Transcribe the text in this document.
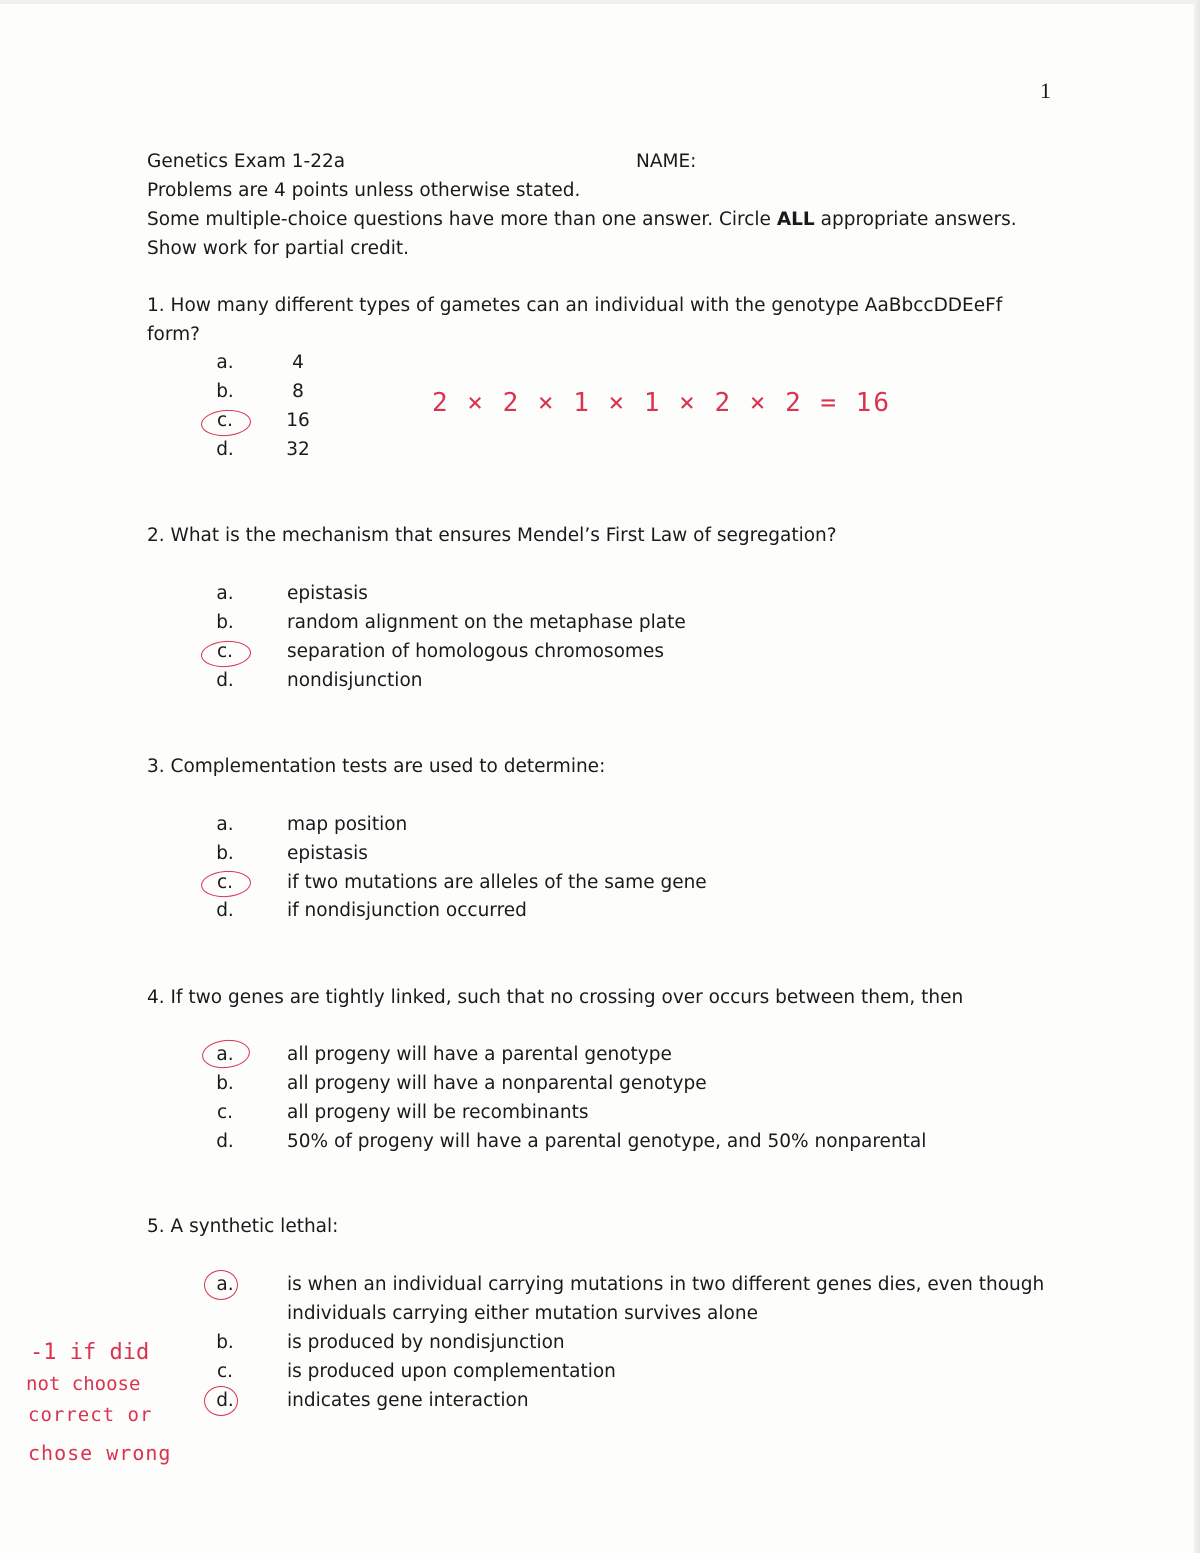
1
Genetics Exam 1-22a	NAME:
Problems are 4 points unless otherwise stated.
Some multiple-choice questions have more than one answer. Circle ALL appropriate answers.
Show work for partial credit.
1. How many different types of gametes can an individual with the genotype AaBbccDDEeFf
form?
a.	4
b.	8
c.	16
d.	32
2 × 2 × 1 × 1 × 2 × 2 = 16
2. What is the mechanism that ensures Mendel’s First Law of segregation?
a.	epistasis
b.	random alignment on the metaphase plate
c.	separation of homologous chromosomes
d.	nondisjunction
3. Complementation tests are used to determine:
a.	map position
b.	epistasis
c.	if two mutations are alleles of the same gene
d.	if nondisjunction occurred
4. If two genes are tightly linked, such that no crossing over occurs between them, then
a.	all progeny will have a parental genotype
b.	all progeny will have a nonparental genotype
c.	all progeny will be recombinants
d.	50% of progeny will have a parental genotype, and 50% nonparental
5. A synthetic lethal:
a.	is when an individual carrying mutations in two different genes dies, even though
individuals carrying either mutation survives alone
b.	is produced by nondisjunction
c.	is produced upon complementation
d.	indicates gene interaction
-1 if did
not choose
correct or
chose wrong
